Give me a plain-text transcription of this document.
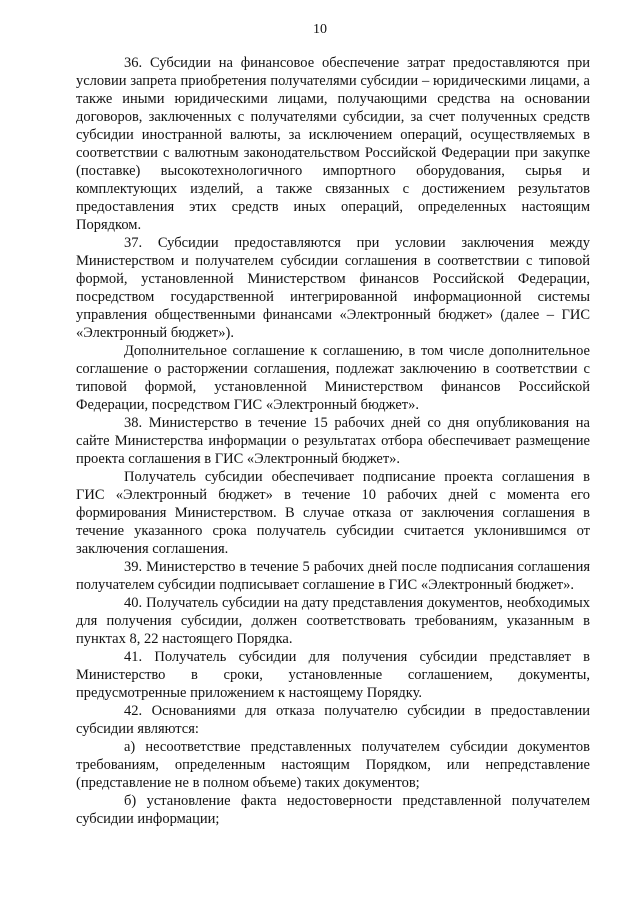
10

36. Субсидии на финансовое обеспечение затрат предоставляются при условии запрета приобретения получателями субсидии – юридическими лицами, а также иными юридическими лицами, получающими средства на основании договоров, заключенных с получателями субсидии, за счет полученных средств субсидии иностранной валюты, за исключением операций, осуществляемых в соответствии с валютным законодательством Российской Федерации при закупке (поставке) высокотехнологичного импортного оборудования, сырья и комплектующих изделий, а также связанных с достижением результатов предоставления этих средств иных операций, определенных настоящим Порядком.

37. Субсидии предоставляются при условии заключения между Министерством и получателем субсидии соглашения в соответствии с типовой формой, установленной Министерством финансов Российской Федерации, посредством государственной интегрированной информационной системы управления общественными финансами «Электронный бюджет» (далее – ГИС «Электронный бюджет»).

Дополнительное соглашение к соглашению, в том числе дополнительное соглашение о расторжении соглашения, подлежат заключению в соответствии с типовой формой, установленной Министерством финансов Российской Федерации, посредством ГИС «Электронный бюджет».

38. Министерство в течение 15 рабочих дней со дня опубликования на сайте Министерства информации о результатах отбора обеспечивает размещение проекта соглашения в ГИС «Электронный бюджет».

Получатель субсидии обеспечивает подписание проекта соглашения в ГИС «Электронный бюджет» в течение 10 рабочих дней с момента его формирования Министерством. В случае отказа от заключения соглашения в течение указанного срока получатель субсидии считается уклонившимся от заключения соглашения.

39. Министерство в течение 5 рабочих дней после подписания соглашения получателем субсидии подписывает соглашение в ГИС «Электронный бюджет».

40. Получатель субсидии на дату представления документов, необходимых для получения субсидии, должен соответствовать требованиям, указанным в пунктах 8, 22 настоящего Порядка.

41. Получатель субсидии для получения субсидии представляет в Министерство в сроки, установленные соглашением, документы, предусмотренные приложением к настоящему Порядку.

42. Основаниями для отказа получателю субсидии в предоставлении субсидии являются:

а) несоответствие представленных получателем субсидии документов требованиям, определенным настоящим Порядком, или непредставление (представление не в полном объеме) таких документов;

б) установление факта недостоверности представленной получателем субсидии информации;
